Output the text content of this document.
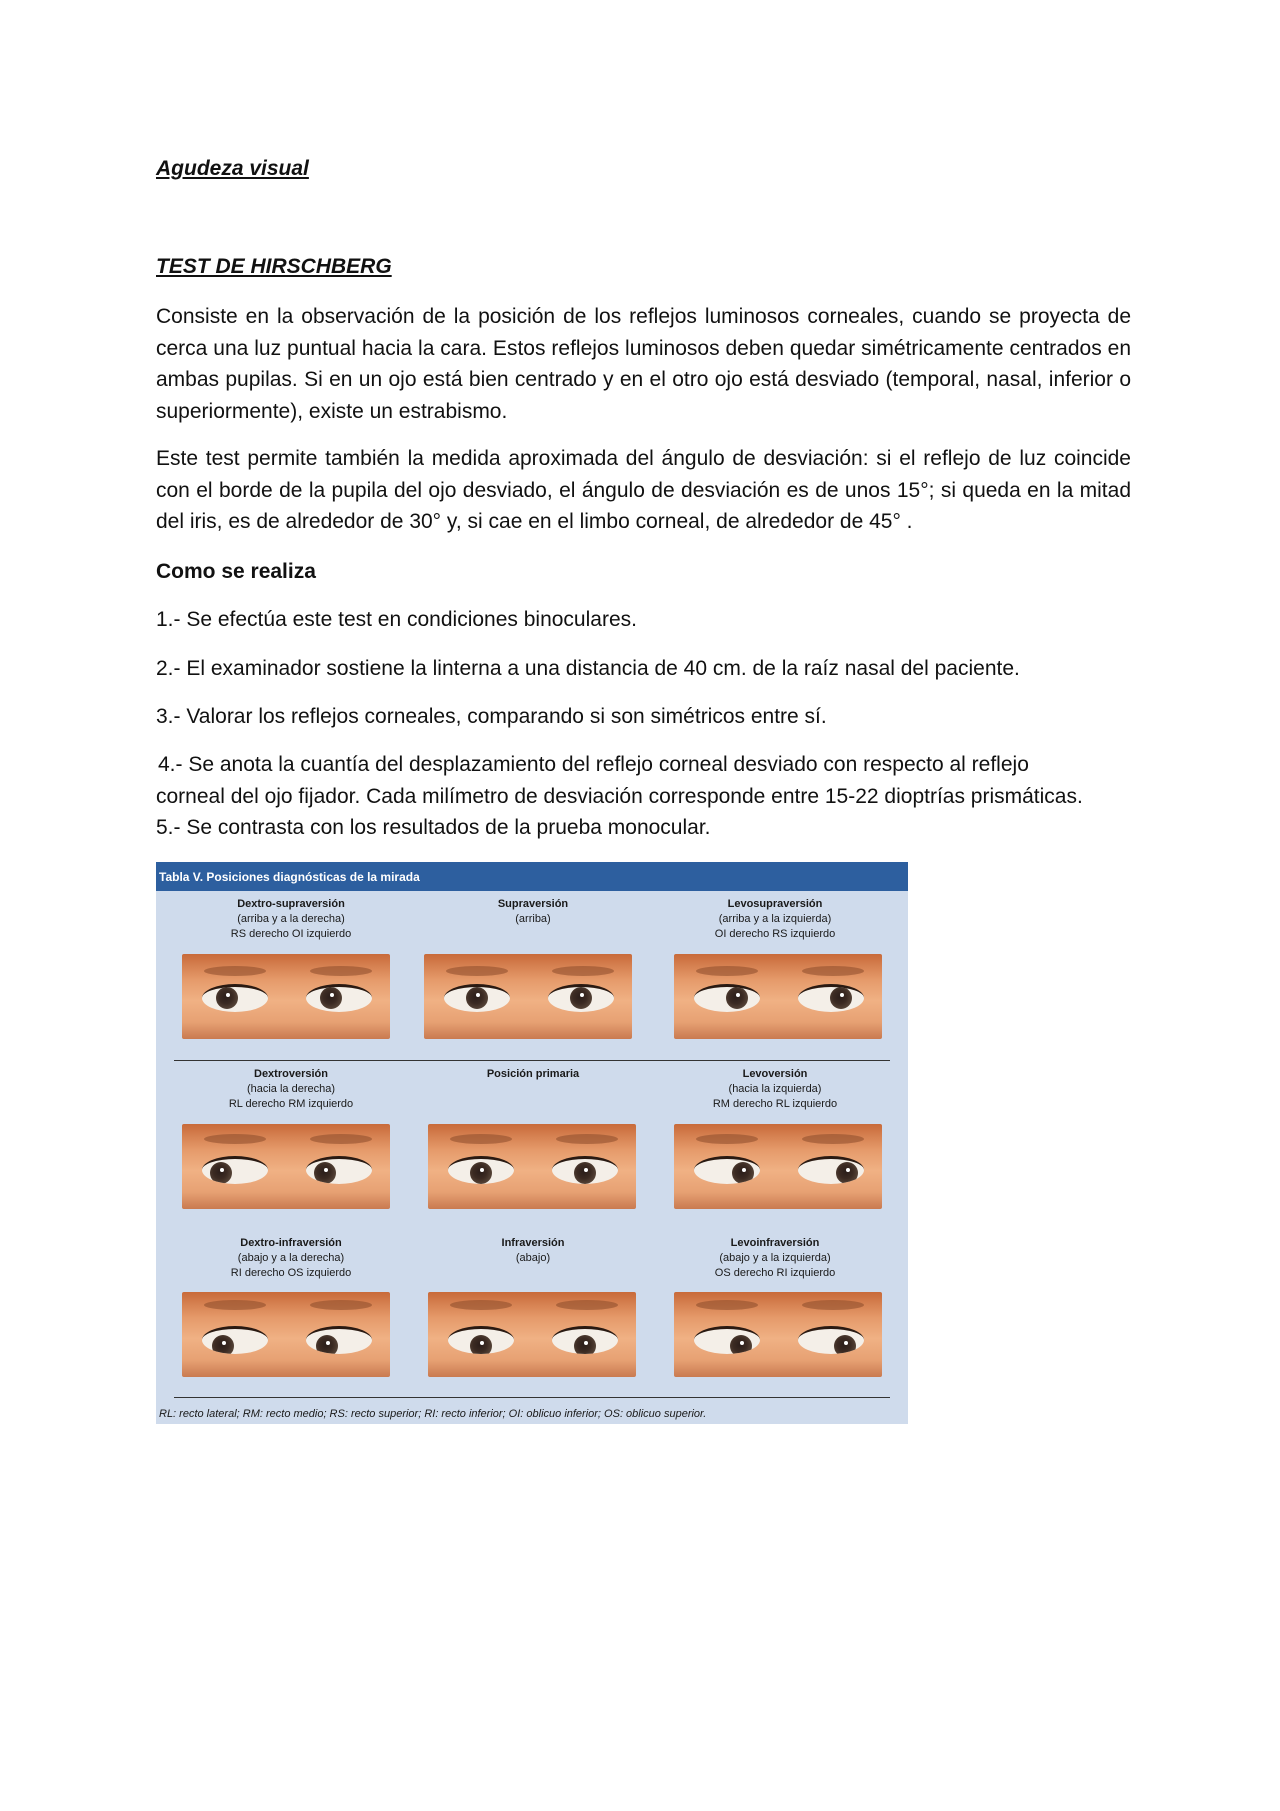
Agudeza visual
TEST DE HIRSCHBERG

Consiste en la observación de la posición de los reflejos luminosos corneales, cuando se proyecta de cerca una luz puntual hacia la cara. Estos reflejos luminosos deben quedar simétricamente centrados en ambas pupilas. Si en un ojo está bien centrado y en el otro ojo está desviado (temporal, nasal, inferior o superiormente), existe un estrabismo.

Este test permite también la medida aproximada del ángulo de desviación: si el reflejo de luz coincide con el borde de la pupila del ojo desviado, el ángulo de desviación es de unos 15°; si queda en la mitad del iris, es de alrededor de 30° y, si cae en el limbo corneal, de alrededor de 45° .

Como se realiza
1.- Se efectúa este test en condiciones binoculares.
2.- El examinador sostiene la linterna a una distancia de 40 cm. de la raíz nasal del paciente.
3.- Valorar los reflejos corneales, comparando si son simétricos entre sí.
4.- Se anota la cuantía del desplazamiento del reflejo corneal desviado con respecto al reflejo
corneal del ojo fijador. Cada milímetro de desviación corresponde entre 15-22 dioptrías prismáticas.
5.- Se contrasta con los resultados de la prueba monocular.
Tabla V. Posiciones diagnósticas de la mirada
Dextro-supraversión
(arriba y a la derecha)
RS derecho OI izquierdo
Supraversión
(arriba)
Levosupraversión
(arriba y a la izquierda)
OI derecho RS izquierdo
Dextroversión
(hacia la derecha)
RL derecho RM izquierdo
Posición primaria	Levoversión
(hacia la izquierda)
RM derecho RL izquierdo
Dextro-infraversión
(abajo y a la derecha)
RI derecho OS izquierdo
Infraversión
(abajo)
Levoinfraversión
(abajo y a la izquierda)
OS derecho RI izquierdo
RL: recto lateral; RM: recto medio; RS: recto superior; RI: recto inferior; OI: oblicuo inferior; OS: oblicuo superior.
